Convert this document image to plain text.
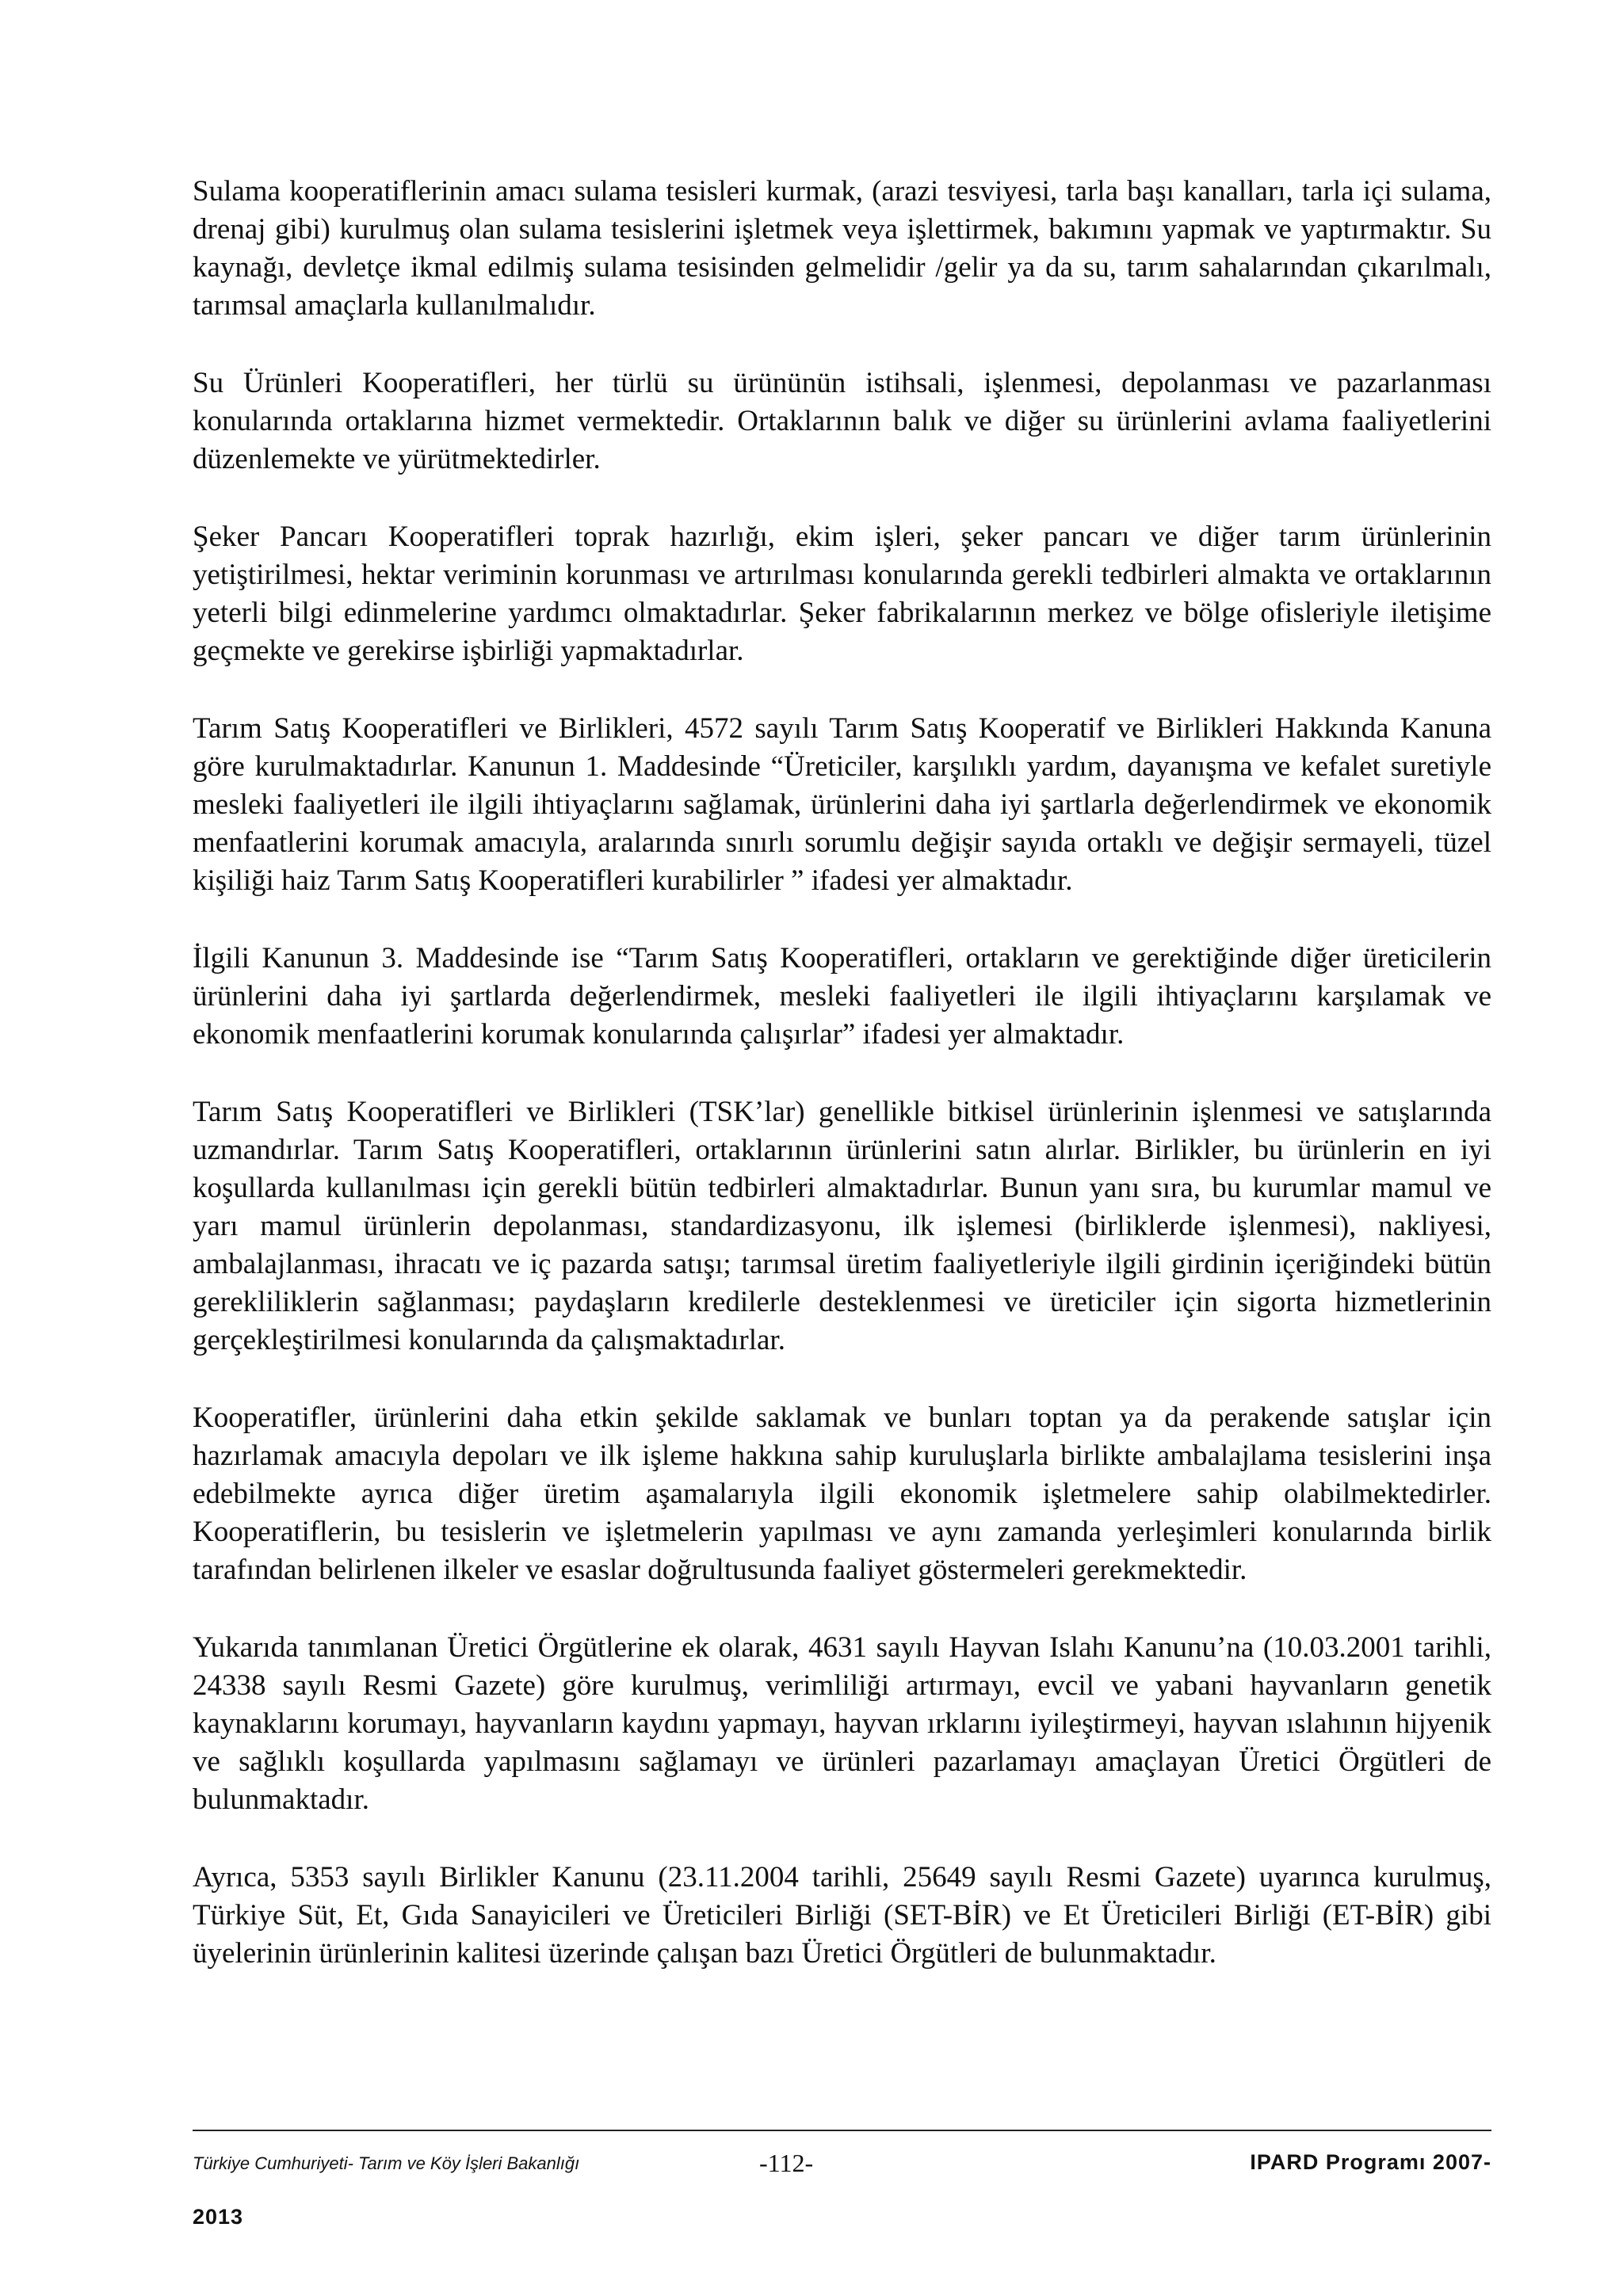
Sulama kooperatiflerinin amacı sulama tesisleri kurmak, (arazi tesviyesi, tarla başı kanalları, tarla içi sulama, drenaj gibi) kurulmuş olan sulama tesislerini işletmek veya işlettirmek, bakımını yapmak ve yaptırmaktır. Su kaynağı, devletçe ikmal edilmiş sulama tesisinden gelmelidir /gelir ya da su, tarım sahalarından çıkarılmalı, tarımsal amaçlarla kullanılmalıdır.

Su Ürünleri Kooperatifleri, her türlü su ürününün istihsali, işlenmesi, depolanması ve pazarlanması konularında ortaklarına hizmet vermektedir. Ortaklarının balık ve diğer su ürünlerini avlama faaliyetlerini düzenlemekte ve yürütmektedirler.

Şeker Pancarı Kooperatifleri toprak hazırlığı, ekim işleri, şeker pancarı ve diğer tarım ürünlerinin yetiştirilmesi, hektar veriminin korunması ve artırılması konularında gerekli tedbirleri almakta ve ortaklarının yeterli bilgi edinmelerine yardımcı olmaktadırlar. Şeker fabrikalarının merkez ve bölge ofisleriyle iletişime geçmekte ve gerekirse işbirliği yapmaktadırlar.

Tarım Satış Kooperatifleri ve Birlikleri, 4572 sayılı Tarım Satış Kooperatif ve Birlikleri Hakkında Kanuna göre kurulmaktadırlar. Kanunun 1. Maddesinde “Üreticiler, karşılıklı yardım, dayanışma ve kefalet suretiyle mesleki faaliyetleri ile ilgili ihtiyaçlarını sağlamak, ürünlerini daha iyi şartlarla değerlendirmek ve ekonomik menfaatlerini korumak amacıyla, aralarında sınırlı sorumlu değişir sayıda ortaklı ve değişir sermayeli, tüzel kişiliği haiz Tarım Satış Kooperatifleri kurabilirler ” ifadesi yer almaktadır.

İlgili Kanunun 3. Maddesinde ise “Tarım Satış Kooperatifleri, ortakların ve gerektiğinde diğer üreticilerin ürünlerini daha iyi şartlarda değerlendirmek, mesleki faaliyetleri ile ilgili ihtiyaçlarını karşılamak ve ekonomik menfaatlerini korumak konularında çalışırlar” ifadesi yer almaktadır.

Tarım Satış Kooperatifleri ve Birlikleri (TSK’lar) genellikle bitkisel ürünlerinin işlenmesi ve satışlarında uzmandırlar. Tarım Satış Kooperatifleri, ortaklarının ürünlerini satın alırlar. Birlikler, bu ürünlerin en iyi koşullarda kullanılması için gerekli bütün tedbirleri almaktadırlar. Bunun yanı sıra, bu kurumlar mamul ve yarı mamul ürünlerin depolanması, standardizasyonu, ilk işlemesi (birliklerde işlenmesi), nakliyesi, ambalajlanması, ihracatı ve iç pazarda satışı; tarımsal üretim faaliyetleriyle ilgili girdinin içeriğindeki bütün gerekliliklerin sağlanması; paydaşların kredilerle desteklenmesi ve üreticiler için sigorta hizmetlerinin gerçekleştirilmesi konularında da çalışmaktadırlar.

Kooperatifler, ürünlerini daha etkin şekilde saklamak ve bunları toptan ya da perakende satışlar için hazırlamak amacıyla depoları ve ilk işleme hakkına sahip kuruluşlarla birlikte ambalajlama tesislerini inşa edebilmekte ayrıca diğer üretim aşamalarıyla ilgili ekonomik işletmelere sahip olabilmektedirler. Kooperatiflerin, bu tesislerin ve işletmelerin yapılması ve aynı zamanda yerleşimleri konularında birlik tarafından belirlenen ilkeler ve esaslar doğrultusunda faaliyet göstermeleri gerekmektedir.

Yukarıda tanımlanan Üretici Örgütlerine ek olarak, 4631 sayılı Hayvan Islahı Kanunu’na (10.03.2001 tarihli, 24338 sayılı Resmi Gazete) göre kurulmuş, verimliliği artırmayı, evcil ve yabani hayvanların genetik kaynaklarını korumayı, hayvanların kaydını yapmayı, hayvan ırklarını iyileştirmeyi, hayvan ıslahının hijyenik ve sağlıklı koşullarda yapılmasını sağlamayı ve ürünleri pazarlamayı amaçlayan Üretici Örgütleri de bulunmaktadır.

Ayrıca, 5353 sayılı Birlikler Kanunu (23.11.2004 tarihli, 25649 sayılı Resmi Gazete) uyarınca kurulmuş, Türkiye Süt, Et, Gıda Sanayicileri ve Üreticileri Birliği (SET-BİR) ve Et Üreticileri Birliği (ET-BİR) gibi üyelerinin ürünlerinin kalitesi üzerinde çalışan bazı Üretici Örgütleri de bulunmaktadır.

Türkiye Cumhuriyeti- Tarım ve Köy İşleri Bakanlığı	-112-	IPARD Programı 2007-
2013
